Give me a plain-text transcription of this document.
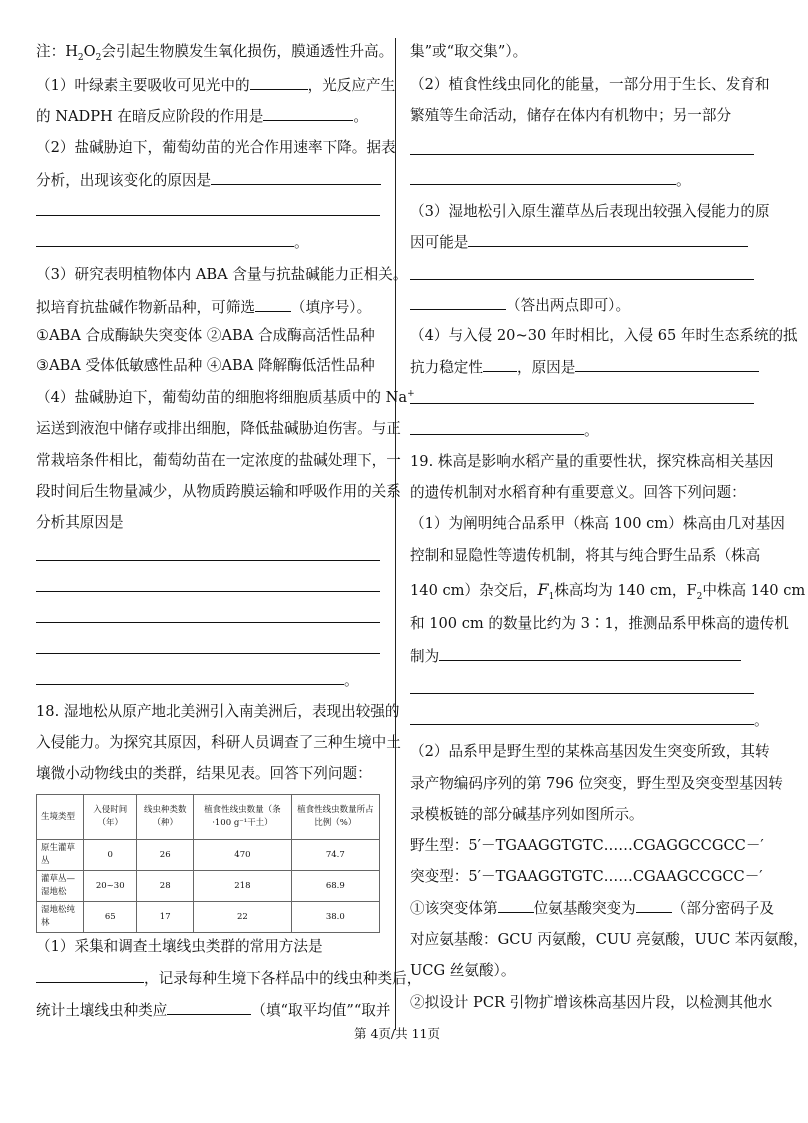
注：$H_2O_2$会引起生物膜发生氧化损伤，膜通透性升高。
（1）叶绿素主要吸收可见光中的	，光反应产生
的 NADPH 在暗反应阶段的作用是	。
（2）盐碱胁迫下，葡萄幼苗的光合作用速率下降。据表
分析，出现该变化的原因是
。
（3）研究表明植物体内 ABA 含量与抗盐碱能力正相关。
拟培育抗盐碱作物新品种，可筛选 （填序号）。
①ABA 合成酶缺失突变体 ②ABA 合成酶高活性品种
③ABA 受体低敏感性品种 ④ABA 降解酶低活性品种
（4）盐碱胁迫下，葡萄幼苗的细胞将细胞质基质中的 Na+
运送到液泡中储存或排出细胞，降低盐碱胁迫伤害。与正
常栽培条件相比，葡萄幼苗在一定浓度的盐碱处理下，一
段时间后生物量减少，从物质跨膜运输和呼吸作用的关系
分析其原因是
。
18. 湿地松从原产地北美洲引入南美洲后，表现出较强的
入侵能力。为探究其原因，科研人员调查了三种生境中土
壤微小动物线虫的类群，结果见表。回答下列问题：
生境类型	入侵时间（年）	线虫种类数（种）	植食性线虫数量（条·100 g⁻¹干土）	植食性线虫数量所占比例（%）
原生灌草丛	0	26	470	74.7
灌草丛—湿地松	20~30	28	218	68.9
湿地松纯林	65	17	22	38.0
（1）采集和调查土壤线虫类群的常用方法是
，记录每种生境下各样品中的线虫种类后，
统计土壤线虫种类应	（填“取平均值”“取并
集”或“取交集”）。
（2）植食性线虫同化的能量，一部分用于生长、发育和
繁殖等生命活动，储存在体内有机物中；另一部分
。
（3）湿地松引入原生灌草丛后表现出较强入侵能力的原
因可能是
（答出两点即可）。
（4）与入侵 20~30 年时相比，入侵 65 年时生态系统的抵
抗力稳定性 ，原因是
。
19. 株高是影响水稻产量的重要性状，探究株高相关基因
的遗传机制对水稻育种有重要意义。回答下列问题：
（1）为阐明纯合品系甲（株高 100 cm）株高由几对基因
控制和显隐性等遗传机制，将其与纯合野生品系（株高
140 cm）杂交后，$F_1$株高均为 140 cm，$F_2$中株高 140 cm
和 100 cm 的数量比约为 3∶1，推测品系甲株高的遗传机
制为
。
（2）品系甲是野生型的某株高基因发生突变所致，其转
录产物编码序列的第 796 位突变，野生型及突变型基因转
录模板链的部分碱基序列如图所示。
野生型：5′－TGAAGGTGTC……CGAGGCCGCC－′
突变型：5′－TGAAGGTGTC……CGAAGCCGCC－′
①该突变体第 位氨基酸突变为 （部分密码子及
对应氨基酸：GCU 丙氨酸，CUU 亮氨酸，UUC 苯丙氨酸，
UCG 丝氨酸）。
②拟设计 PCR 引物扩增该株高基因片段，以检测其他水
第 4页/共 11页
